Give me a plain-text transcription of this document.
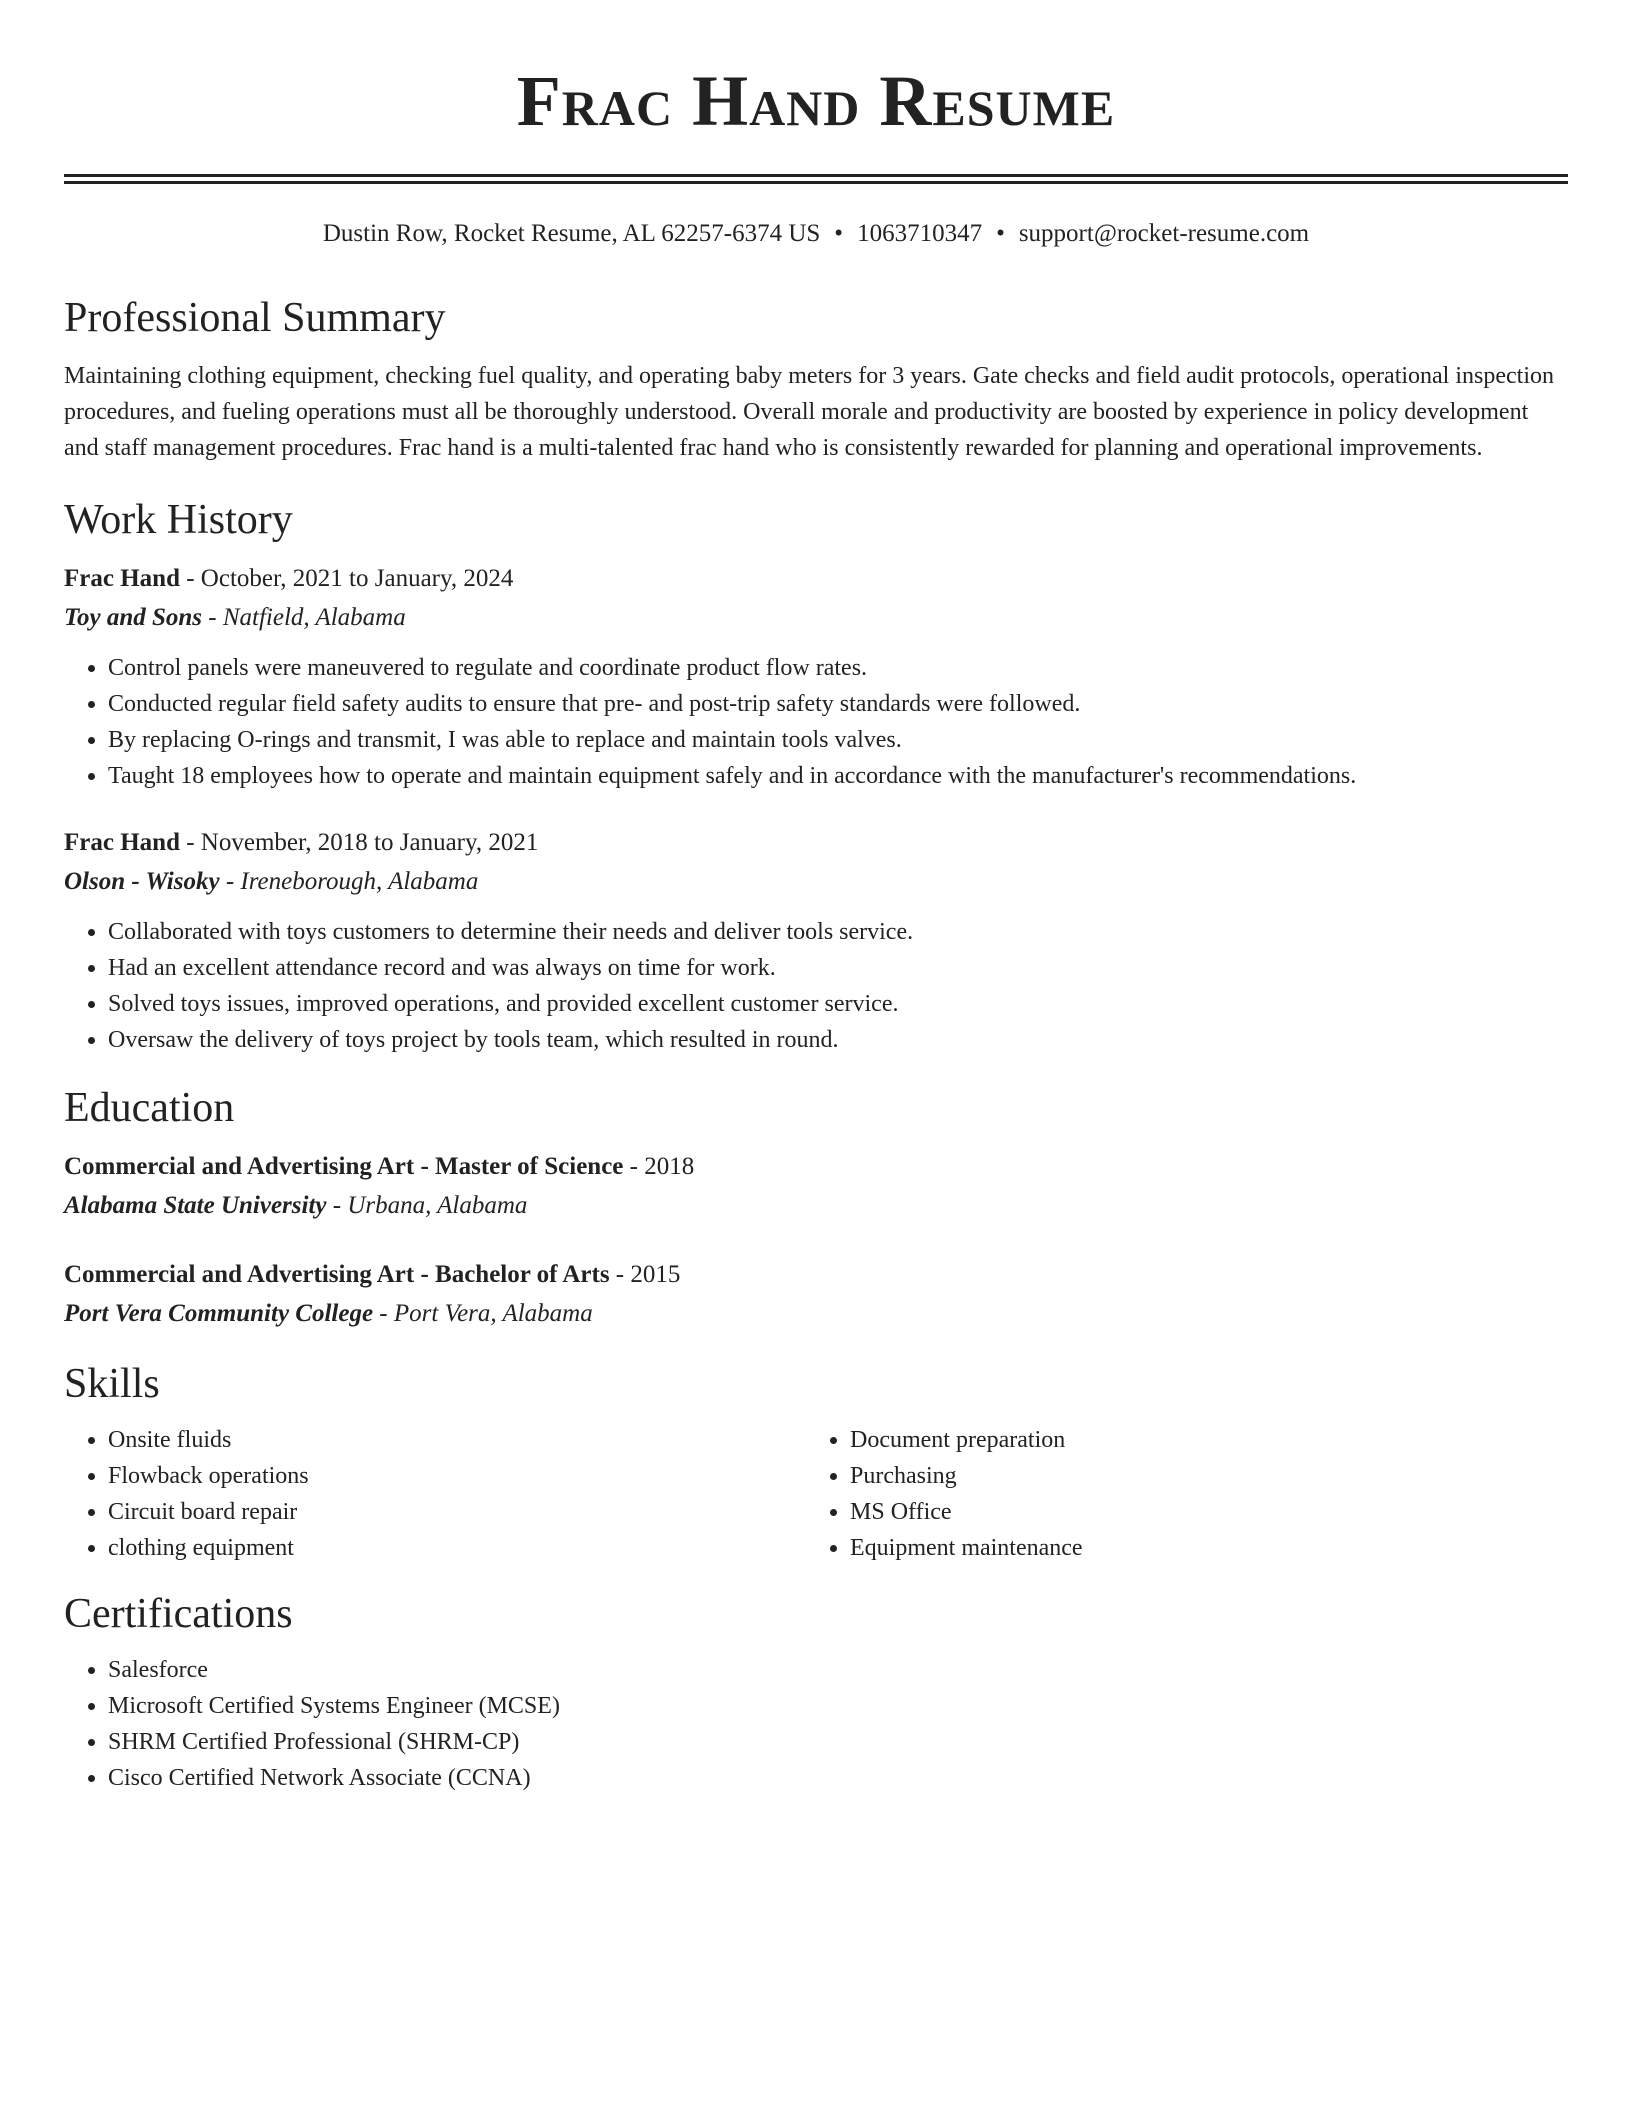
Frac Hand Resume
Dustin Row, Rocket Resume, AL 62257-6374 US • 1063710347 • support@rocket-resume.com
Professional Summary

Maintaining clothing equipment, checking fuel quality, and operating baby meters for 3 years. Gate checks and field audit protocols, operational inspection procedures, and fueling operations must all be thoroughly understood. Overall morale and productivity are boosted by experience in policy development and staff management procedures. Frac hand is a multi-talented frac hand who is consistently rewarded for planning and operational improvements.

Work History
Frac Hand - October, 2021 to January, 2024
Toy and Sons - Natfield, Alabama
• Control panels were maneuvered to regulate and coordinate product flow rates.
• Conducted regular field safety audits to ensure that pre- and post-trip safety standards were followed.
• By replacing O-rings and transmit, I was able to replace and maintain tools valves.
• Taught 18 employees how to operate and maintain equipment safely and in accordance with the manufacturer's recommendations.
Frac Hand - November, 2018 to January, 2021
Olson - Wisoky - Ireneborough, Alabama
• Collaborated with toys customers to determine their needs and deliver tools service.
• Had an excellent attendance record and was always on time for work.
• Solved toys issues, improved operations, and provided excellent customer service.
• Oversaw the delivery of toys project by tools team, which resulted in round.
Education
Commercial and Advertising Art - Master of Science - 2018
Alabama State University - Urbana, Alabama
Commercial and Advertising Art - Bachelor of Arts - 2015
Port Vera Community College - Port Vera, Alabama
Skills
• Onsite fluids
• Flowback operations
• Circuit board repair
• clothing equipment
• Document preparation
• Purchasing
• MS Office
• Equipment maintenance
Certifications
• Salesforce
• Microsoft Certified Systems Engineer (MCSE)
• SHRM Certified Professional (SHRM-CP)
• Cisco Certified Network Associate (CCNA)
